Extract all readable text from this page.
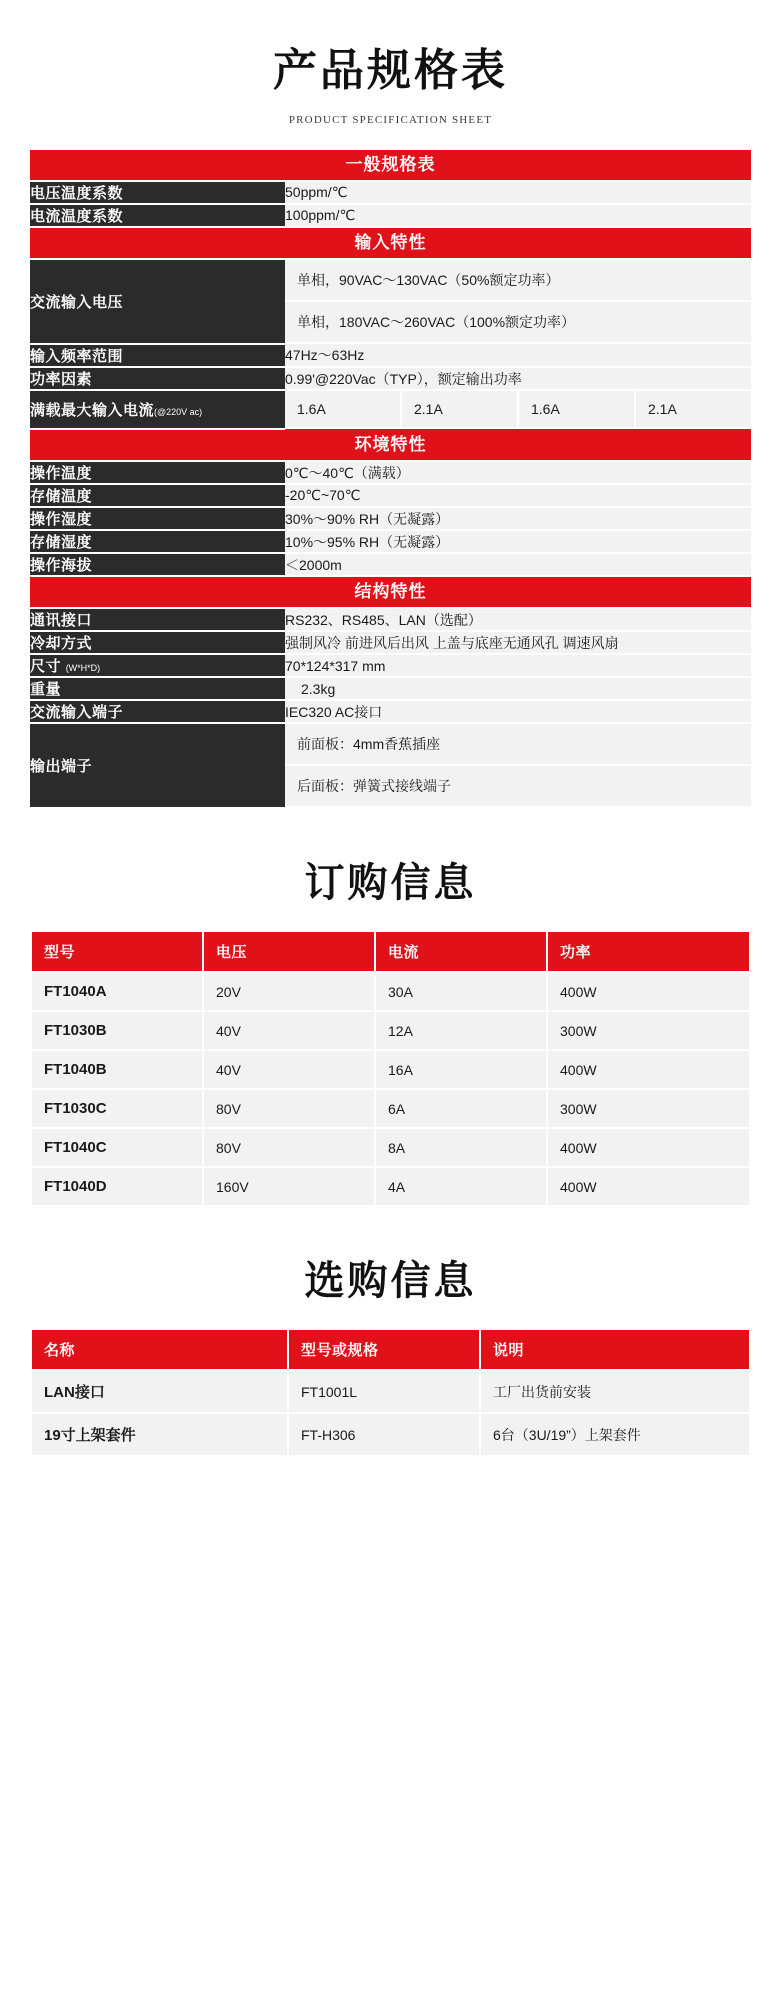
产品规格表
PRODUCT SPECIFICATION SHEET
一般规格表	

电压温度系数	50ppm/℃
电流温度系数	100ppm/℃
输入特性	

交流输入电压	单相，90VAC～130VAC（50%额定功率）
单相，180VAC～260VAC（100%额定功率）

输入频率范围	47Hz～63Hz
功率因素	0.99'@220Vac（TYP），额定输出功率
满载最大输入电流(@220V ac)	1.6A 2.1A 1.6A 2.1A

环境特性	

操作温度	0℃～40℃（满载）
存储温度	-20℃~70℃
操作湿度	30%～90% RH（无凝露）
存储湿度	10%～95% RH（无凝露）
操作海拔	＜2000m
结构特性	

通讯接口	RS232、RS485、LAN（选配）
冷却方式	强制风冷 前进风后出风 上盖与底座无通风孔 调速风扇
尺寸 (W*H*D)	70*124*317 mm
重量	2.3kg
交流输入端子	IEC320 AC接口
输出端子	前面板：4mm香蕉插座
后面板：弹簧式接线端子
订购信息
型号	电压	电流	功率
FT1040A	20V	30A	400W
FT1030B	40V	12A	300W
FT1040B	40V	16A	400W
FT1030C	80V	6A	300W
FT1040C	80V	8A	400W
FT1040D	160V	4A	400W
选购信息
名称	型号或规格	说明
LAN接口	FT1001L	工厂出货前安装
19寸上架套件	FT-H306	6台（3U/19”）上架套件
